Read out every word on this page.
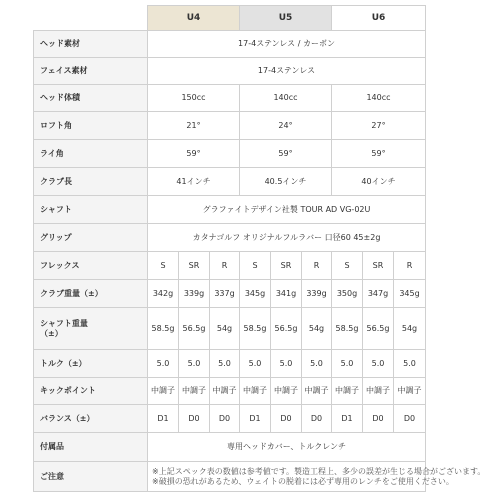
	U4			U5			U6		
ヘッド素材	17-4ステンレス / カーボン								
フェイス素材	17-4ステンレス								
ヘッド体積	150cc			140cc			140cc		
ロフト角	21°			24°			27°		
ライ角	59°			59°			59°		
クラブ長	41インチ			40.5インチ			40インチ		
シャフト	グラファイトデザイン社製 TOUR AD VG-02U								
グリップ	カタナゴルフ オリジナルフルラバー 口径60 45±2g								
フレックス	S	SR	R	S	SR	R	S	SR	R
クラブ重量（±）	342g	339g	337g	345g	341g	339g	350g	347g	345g

シャフト重量
（±）	58.5g	56.5g	54g	58.5g	56.5g	54g	58.5g	56.5g	54g
トルク（±）	5.0	5.0	5.0	5.0	5.0	5.0	5.0	5.0	5.0
キックポイント	中調子	中調子	中調子	中調子	中調子	中調子	中調子	中調子	中調子
バランス（±）	D1	D0	D0	D1	D0	D0	D1	D0	D0
付属品	専用ヘッドカバー、トルクレンチ								
ご注意	※上記スペック表の数値は参考値です。製造工程上、多少の誤差が生じる場合がございます。
※破損の恐れがあるため、ウェイトの脱着には必ず専用のレンチをご使用ください。								
